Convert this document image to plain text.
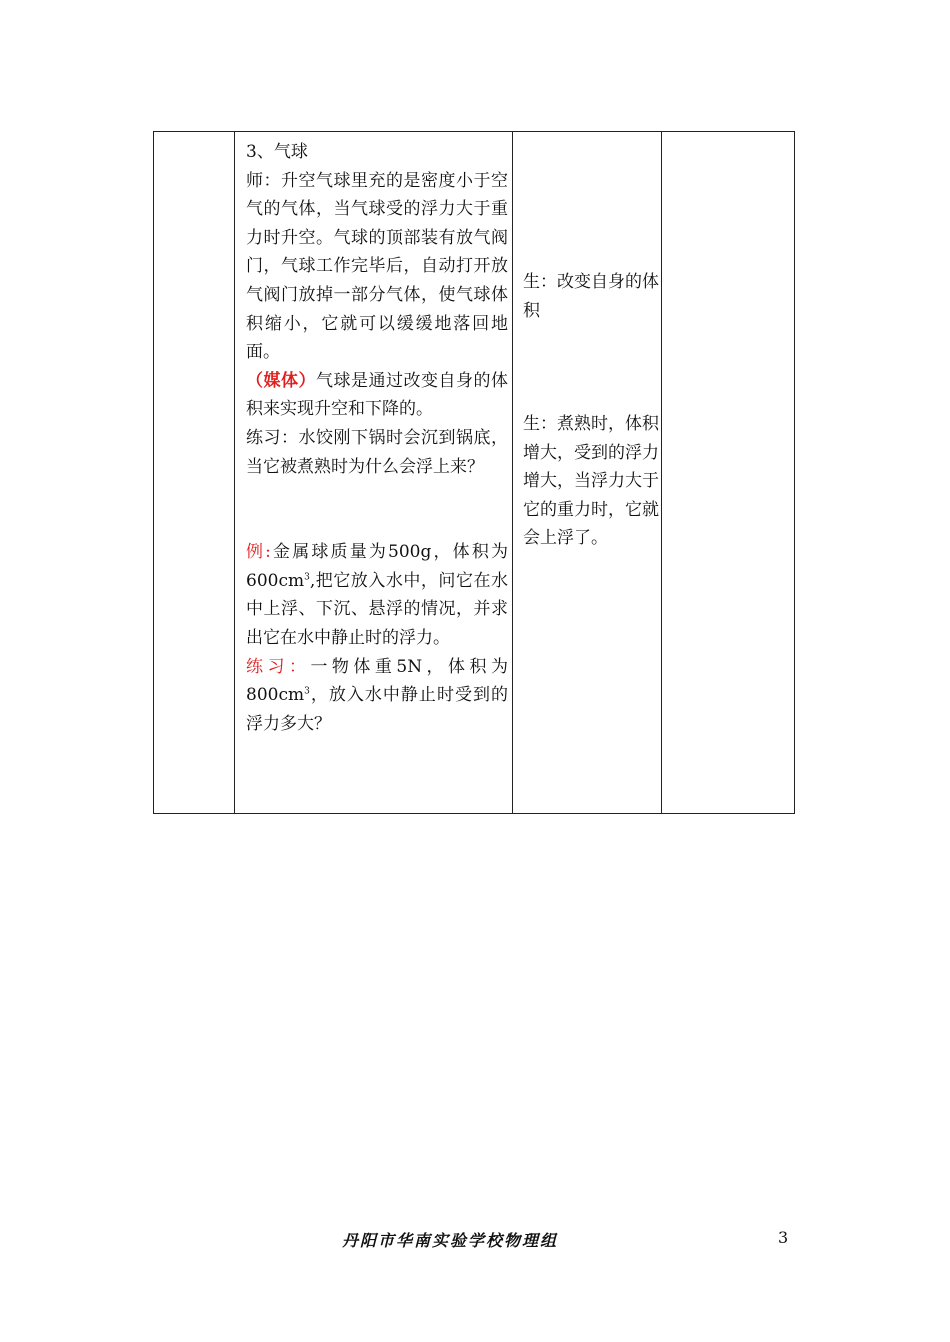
3、气球

师：升空气球里充的是密度小于空气的气体，当气球受的浮力大于重力时升空。气球的顶部装有放气阀门，气球工作完毕后，自动打开放气阀门放掉一部分气体，使气球体积缩小，它就可以缓缓地落回地面。

（媒体）气球是通过改变自身的体积来实现升空和下降的。

练习：水饺刚下锅时会沉到锅底，当它被煮熟时为什么会浮上来？

例:金属球质量为500g，体积为$600cm^3$,把它放入水中，问它在水中上浮、下沉、悬浮的情况，并求出它在水中静止时的浮力。

练习：一物体重5N，体积为$800cm^3$，放入水中静止时受到的浮力多大？

生：改变自身的体积

生：煮熟时，体积增大，受到的浮力增大，当浮力大于它的重力时，它就会上浮了。

丹阳市华南实验学校物理组	3
